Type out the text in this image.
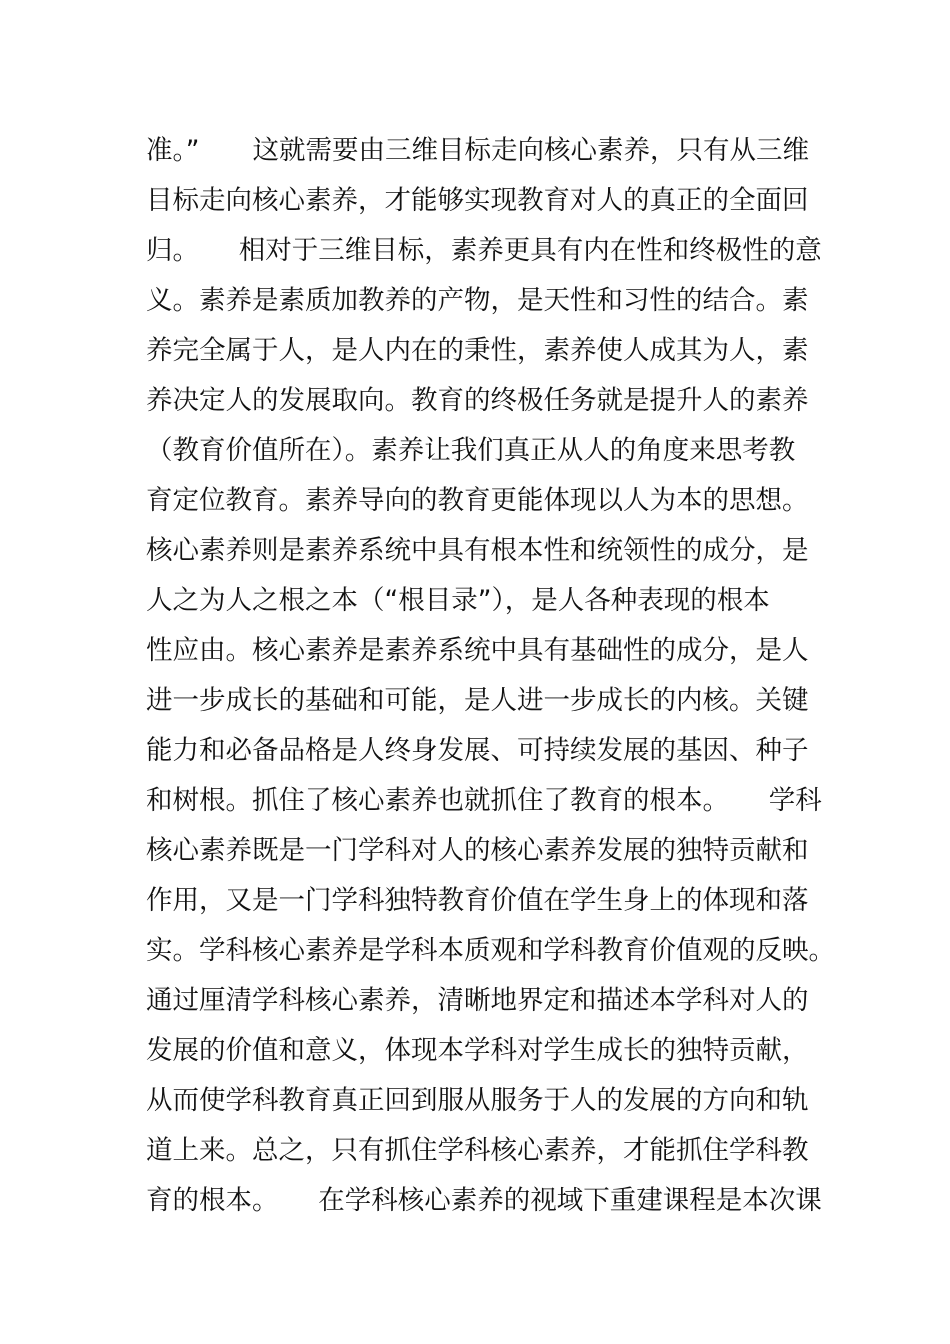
准。”　　这就需要由三维目标走向核心素养，只有从三维
目标走向核心素养，才能够实现教育对人的真正的全面回
归。　　相对于三维目标，素养更具有内在性和终极性的意
义。素养是素质加教养的产物，是天性和习性的结合。素
养完全属于人，是人内在的秉性，素养使人成其为人，素
养决定人的发展取向。教育的终极任务就是提升人的素养
（教育价值所在）。素养让我们真正从人的角度来思考教
育定位教育。素养导向的教育更能体现以人为本的思想。
核心素养则是素养系统中具有根本性和统领性的成分，是
人之为人之根之本（“根目录”），是人各种表现的根本
性应由。核心素养是素养系统中具有基础性的成分，是人
进一步成长的基础和可能，是人进一步成长的内核。关键
能力和必备品格是人终身发展、可持续发展的基因、种子
和树根。抓住了核心素养也就抓住了教育的根本。　　学科
核心素养既是一门学科对人的核心素养发展的独特贡献和
作用，又是一门学科独特教育价值在学生身上的体现和落
实。学科核心素养是学科本质观和学科教育价值观的反映。
通过厘清学科核心素养，清晰地界定和描述本学科对人的
发展的价值和意义，体现本学科对学生成长的独特贡献，
从而使学科教育真正回到服从服务于人的发展的方向和轨
道上来。总之，只有抓住学科核心素养，才能抓住学科教
育的根本。　　在学科核心素养的视域下重建课程是本次课
